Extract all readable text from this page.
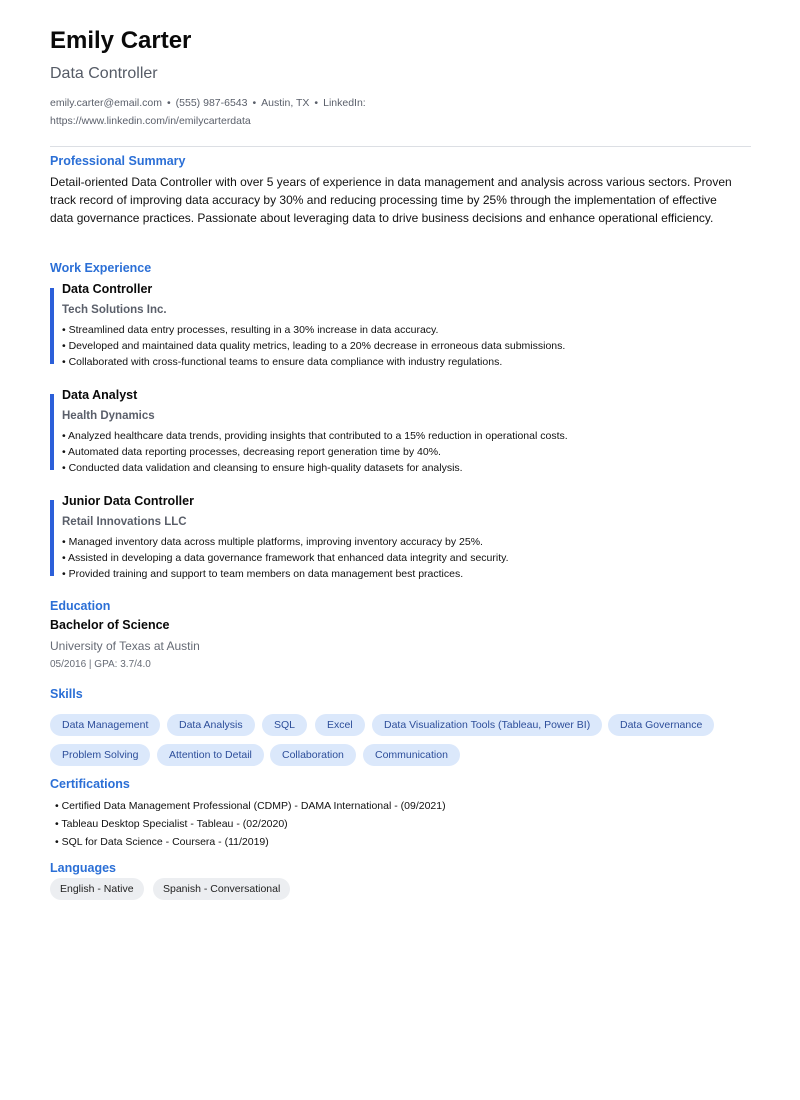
Emily Carter
Data Controller
emily.carter@email.com • (555) 987-6543 • Austin, TX • LinkedIn:
https://www.linkedin.com/in/emilycarterdata
Professional Summary
Detail-oriented Data Controller with over 5 years of experience in data management and analysis across various sectors. Proven track record of improving data accuracy by 30% and reducing processing time by 25% through the implementation of effective data governance practices. Passionate about leveraging data to drive business decisions and enhance operational efficiency.
Work Experience
Data Controller
Tech Solutions Inc.
• Streamlined data entry processes, resulting in a 30% increase in data accuracy.
• Developed and maintained data quality metrics, leading to a 20% decrease in erroneous data submissions.
• Collaborated with cross-functional teams to ensure data compliance with industry regulations.
Data Analyst
Health Dynamics
• Analyzed healthcare data trends, providing insights that contributed to a 15% reduction in operational costs.
• Automated data reporting processes, decreasing report generation time by 40%.
• Conducted data validation and cleansing to ensure high-quality datasets for analysis.
Junior Data Controller
Retail Innovations LLC
• Managed inventory data across multiple platforms, improving inventory accuracy by 25%.
• Assisted in developing a data governance framework that enhanced data integrity and security.
• Provided training and support to team members on data management best practices.
Education
Bachelor of Science
University of Texas at Austin
05/2016 | GPA: 3.7/4.0
Skills
Data Management	Data Analysis	SQL	Excel	Data Visualization Tools (Tableau, Power BI)	Data Governance
Problem Solving	Attention to Detail	Collaboration	Communication
Certifications
• Certified Data Management Professional (CDMP) - DAMA International - (09/2021)
• Tableau Desktop Specialist - Tableau - (02/2020)
• SQL for Data Science - Coursera - (11/2019)
Languages
English - Native	Spanish - Conversational
